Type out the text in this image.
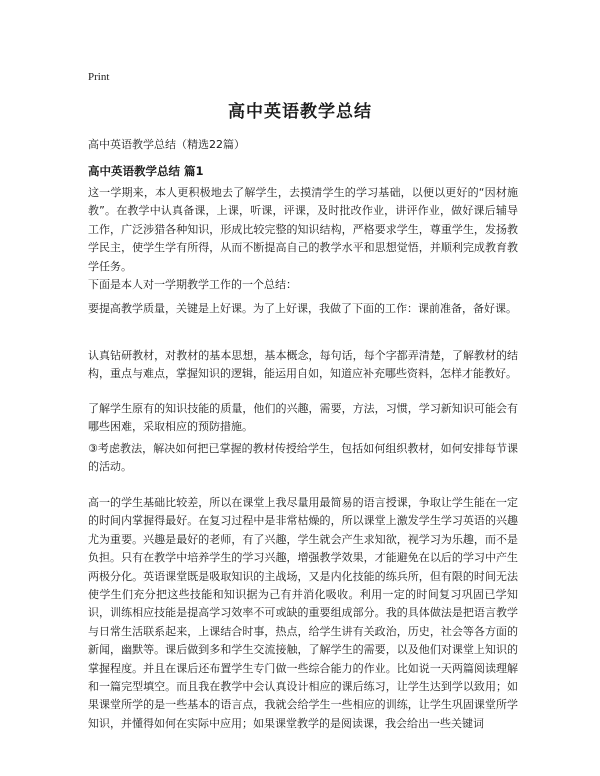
Print
高中英语教学总结
高中英语教学总结（精选22篇）
高中英语教学总结 篇1

这一学期来，本人更积极地去了解学生，去摸清学生的学习基础，以便以更好的“因材施教”。在教学中认真备课，上课，听课，评课，及时批改作业，讲评作业，做好课后辅导工作，广泛涉猎各种知识，形成比较完整的知识结构，严格要求学生，尊重学生，发扬教学民主，使学生学有所得，从而不断提高自己的教学水平和思想觉悟，并顺利完成教育教学任务。

下面是本人对一学期教学工作的一个总结：

要提高教学质量，关键是上好课。为了上好课，我做了下面的工作：课前准备，备好课。

认真钻研教材，对教材的基本思想，基本概念，每句话，每个字都弄清楚，了解教材的结构，重点与难点，掌握知识的逻辑，能运用自如，知道应补充哪些资料，怎样才能教好。

了解学生原有的知识技能的质量，他们的兴趣，需要，方法，习惯，学习新知识可能会有哪些困难，采取相应的预防措施。

③考虑教法，解决如何把已掌握的教材传授给学生，包括如何组织教材，如何安排每节课的活动。

高一的学生基础比较差，所以在课堂上我尽量用最简易的语言授课，争取让学生能在一定的时间内掌握得最好。在复习过程中是非常枯燥的，所以课堂上激发学生学习英语的兴趣尤为重要。兴趣是最好的老师，有了兴趣，学生就会产生求知欲，视学习为乐趣，而不是负担。只有在教学中培养学生的学习兴趣，增强教学效果，才能避免在以后的学习中产生两极分化。英语课堂既是吸取知识的主战场，又是内化技能的练兵所，但有限的时间无法使学生们充分把这些技能和知识据为己有并消化吸收。利用一定的时间复习巩固已学知识，训练相应技能是提高学习效率不可或缺的重要组成部分。我的具体做法是把语言教学与日常生活联系起来，上课结合时事，热点，给学生讲有关政治，历史，社会等各方面的新闻，幽默等。课后做到多和学生交流接触，了解学生的需要，以及他们对课堂上知识的掌握程度。并且在课后还布置学生专门做一些综合能力的作业。比如说一天两篇阅读理解和一篇完型填空。而且我在教学中会认真设计相应的课后练习，让学生达到学以致用；如果课堂所学的是一些基本的语言点，我就会给学生一些相应的训练，让学生巩固课堂所学知识，并懂得如何在实际中应用；如果课堂教学的是阅读课，我会给出一些关键词
